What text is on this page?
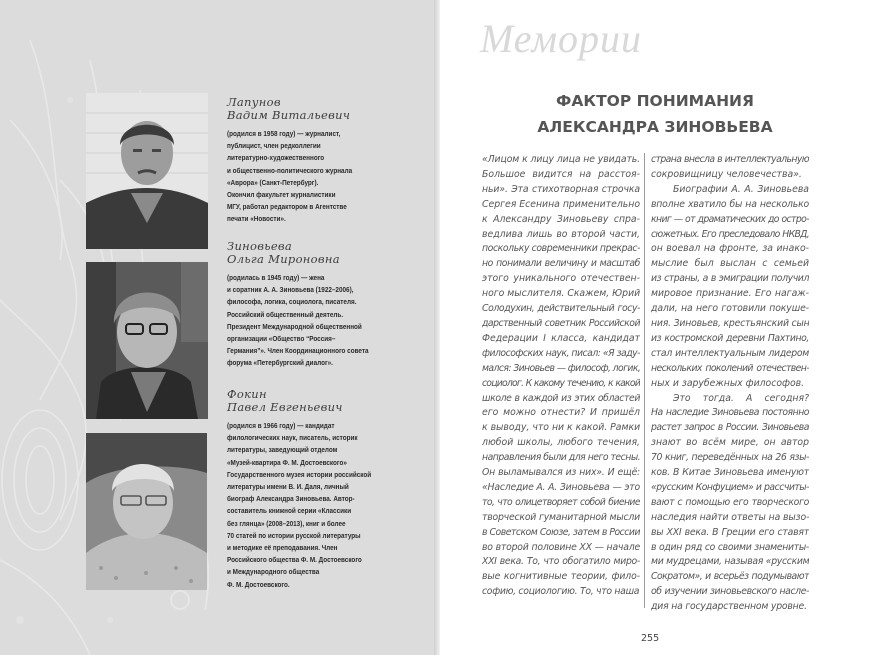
Лапунов
Вадим Витальевич
(родился в 1958 году) — журналист,
публицист, член редколлегии
литературно-художественного
и общественно-политического журнала
«Аврора» (Санкт-Петербург).
Окончил факультет журналистики
МГУ, работал редактором в Агентстве
печати «Новости».
Зиновьева
Ольга Мироновна
(родилась в 1945 году) — жена
и соратник А. А. Зиновьева (1922–2006),
философа, логика, социолога, писателя.
Российский общественный деятель.
Президент Международной общественной
организации «Общество “Россия–
Германия”». Член Координационного совета
форума «Петербургский диалог».
Фокин
Павел Евгеньевич
(родился в 1966 году) — кандидат
филологических наук, писатель, историк
литературы, заведующий отделом
«Музей-квартира Ф. М. Достоевского»
Государственного музея истории российской
литературы имени В. И. Даля, личный
биограф Александра Зиновьева. Автор-
составитель книжной серии «Классики
без глянца» (2008–2013), книг и более
70 статей по истории русской литературы
и методике её преподавания. Член
Российского общества Ф. М. Достоевского
и Международного общества
Ф. М. Достоевского.
Мемории
ФАКТОР ПОНИМАНИЯ
АЛЕКСАНДРА ЗИНОВЬЕВА
«Лицом к лицу лица не увидать.
Большое видится на расстоя-
ньи». Эта стихотворная строчка
Сергея Есенина применительно
к Александру Зиновьеву спра-
ведлива лишь во второй части,
поскольку современники прекрас-
но понимали величину и масштаб
этого уникального отечествен-
ного мыслителя. Скажем, Юрий
Солодухин, действительный госу-
дарственный советник Российской
Федерации I класса, кандидат
философских наук, писал: «Я заду-
мался: Зиновьев — философ, логик,
социолог. К какому течению, к какой
школе в каждой из этих областей
его можно отнести? И пришёл
к выводу, что ни к какой. Рамки
любой школы, любого течения,
направления были для него тесны.
Он выламывался из них». И ещё:
«Наследие А. А. Зиновьева — это
то, что олицетворяет собой биение
творческой гуманитарной мысли
в Советском Союзе, затем в России
во второй половине XX — начале
XXI века. То, что обогатило миро-
вые когнитивные теории, фило-
софию, социологию. То, что наша

страна внесла в интеллектуальную
сокровищницу человечества».

Биографии А. А. Зиновьева
вполне хватило бы на несколько
книг — от драматических до остро-
сюжетных. Его преследовало НКВД,
он воевал на фронте, за инако-
мыслие был выслан с семьей
из страны, а в эмиграции получил
мировое признание. Его нагаж-
дали, на него готовили покуше-
ния. Зиновьев, крестьянский сын
из костромской деревни Пахтино,
стал интеллектуальным лидером
нескольких поколений отечествен-
ных и зарубежных философов.

Это тогда. А сегодня?
На наследие Зиновьева постоянно
растет запрос в России. Зиновьева
знают во всём мире, он автор
70 книг, переведённых на 26 язы-
ков. В Китае Зиновьева именуют
«русским Конфуцием» и рассчиты-
вают с помощью его творческого
наследия найти ответы на вызо-
вы XXI века. В Греции его ставят
в один ряд со своими знамениты-
ми мудрецами, называя «русским
Сократом», и всерьёз подумывают
об изучении зиновьевского насле-
дия на государственном уровне.

255
